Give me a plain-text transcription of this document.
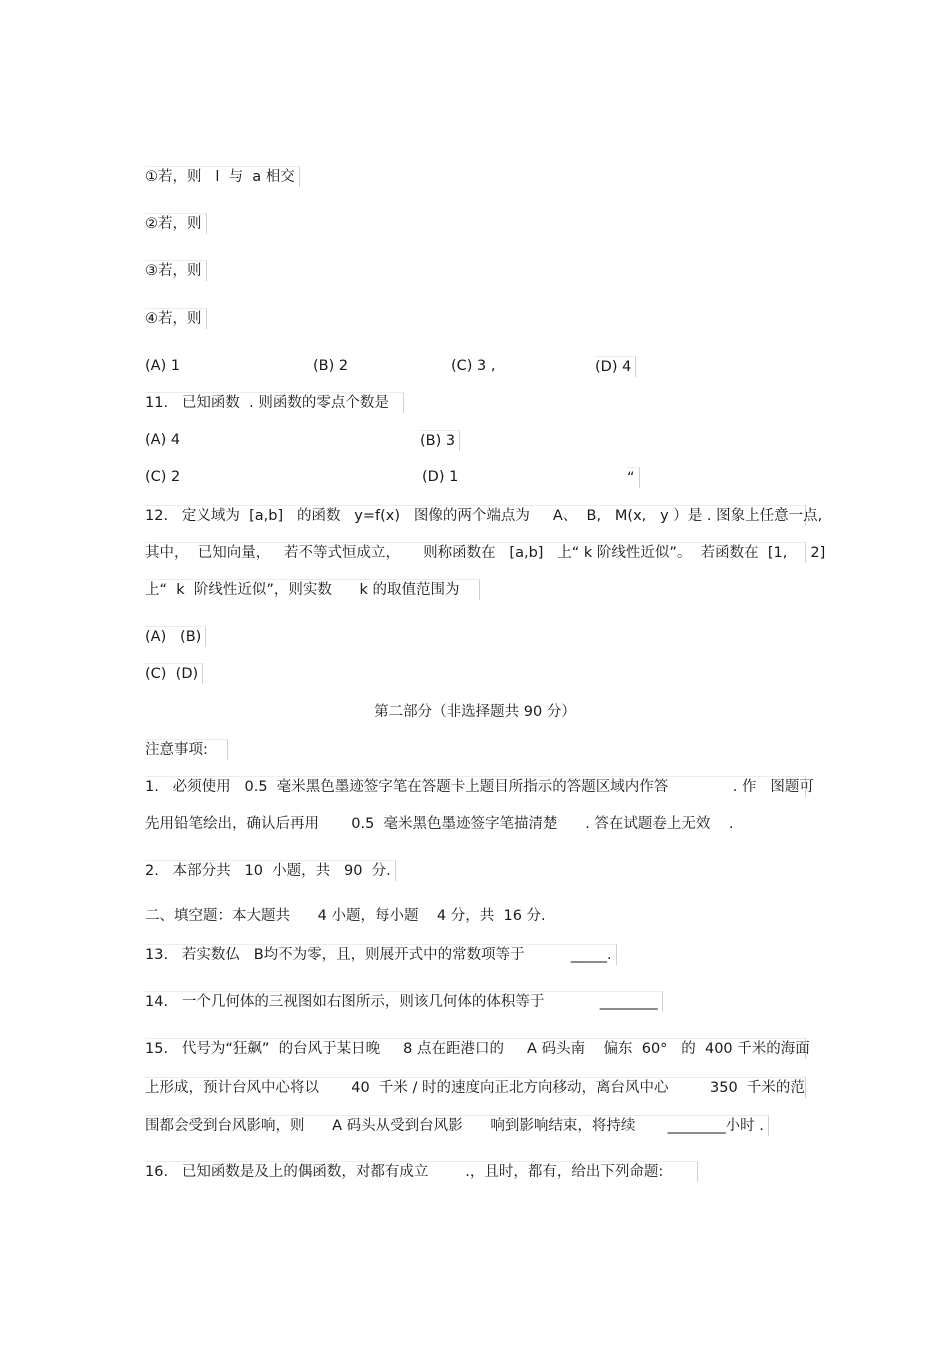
①若，则   l  与  a 相交
②若，则
③若，则
④若，则
(A) 1	(B) 2	(C) 3 ,	(D) 4
11.   已知函数  . 则函数的零点个数是
(A) 4	(B) 3
(C) 2	(D) 1	“
12.   定义域为  [a,b]   的函数   y=f(x)   图像的两个端点为     A、  B,   M(x,   y ）是 . 图象上任意一点,
其中，  已知向量，   若不等式恒成立，     则称函数在   [a,b]   上“ k 阶线性近似”。  若函数在  [1,     2]
上“  k  阶线性近似”，则实数      k 的取值范围为
(A)   (B)
(C)  (D)
第二部分（非选择题共 90 分）
注意事项:
1.   必须使用   0.5  毫米黑色墨迹签字笔在答题卡上题目所指示的答题区域内作答              . 作   图题可
先用铅笔绘出，确认后再用       0.5  毫米黑色墨迹签字笔描清楚      . 答在试题卷上无效    .
2.   本部分共   10  小题，共   90  分.
二、填空题：本大题共      4 小题，每小题    4 分，共  16 分.
13.   若实数仏   B均不为零，且，则展开式中的常数项等于          _____.
14.   一个几何体的三视图如右图所示，则该几何体的体积等于            ________
15.   代号为“狂飙”  的台风于某日晚     8 点在距港口的     A 码头南    偏东  60°   的  400 千米的海面
上形成，预计台风中心将以       40  千米 / 时的速度向正北方向移动，离台风中心         350  千米的范
围都会受到台风影响，则      A 码头从受到台风影      响到影响结束，将持续       ________小时 .
16.   已知函数是及上的偶函数，对都有成立        .，且时，都有，给出下列命题:
